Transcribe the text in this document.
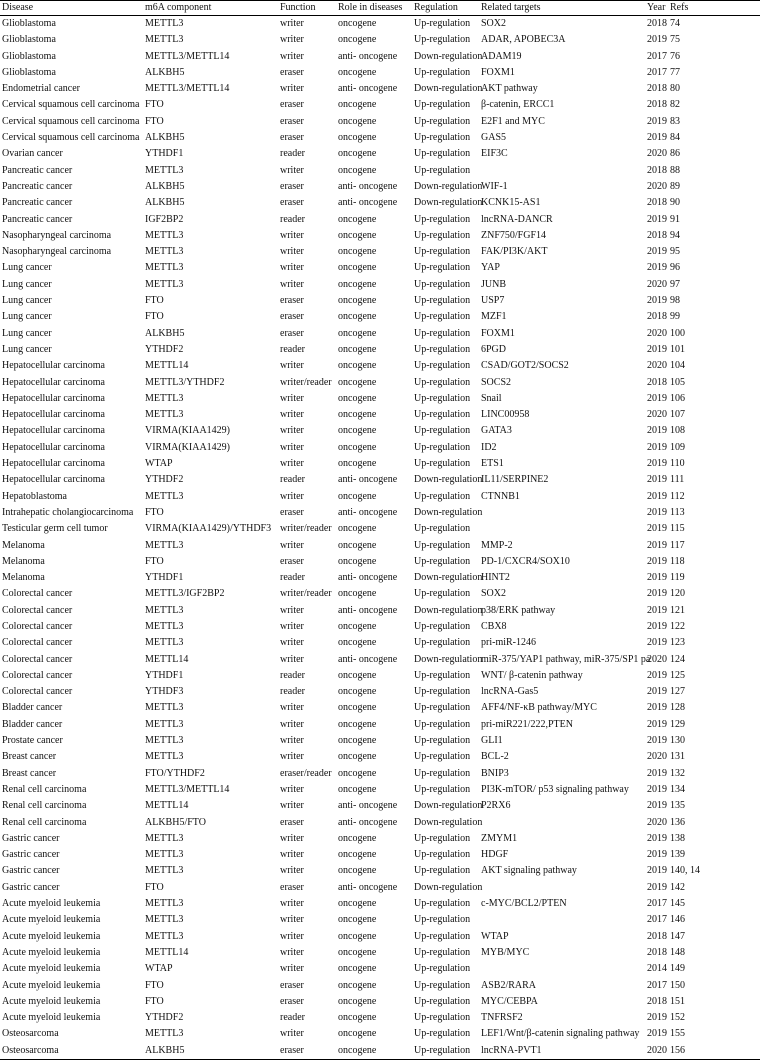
Disease	m6A component	Function	Role in diseases	Regulation	Related targets	Year	Refs
Glioblastoma	METTL3	writer	oncogene	Up-regulation	SOX2	2018	74
Glioblastoma	METTL3	writer	oncogene	Up-regulation	ADAR, APOBEC3A	2019	75
Glioblastoma	METTL3/METTL14	writer	anti- oncogene	Down-regulation	ADAM19	2017	76
Glioblastoma	ALKBH5	eraser	oncogene	Up-regulation	FOXM1	2017	77
Endometrial cancer	METTL3/METTL14	writer	anti- oncogene	Down-regulation	AKT pathway	2018	80
Cervical squamous cell carcinoma	FTO	eraser	oncogene	Up-regulation	β-catenin, ERCC1	2018	82
Cervical squamous cell carcinoma	FTO	eraser	oncogene	Up-regulation	E2F1 and MYC	2019	83
Cervical squamous cell carcinoma	ALKBH5	eraser	oncogene	Up-regulation	GAS5	2019	84
Ovarian cancer	YTHDF1	reader	oncogene	Up-regulation	EIF3C	2020	86
Pancreatic cancer	METTL3	writer	oncogene	Up-regulation		2018	88
Pancreatic cancer	ALKBH5	eraser	anti- oncogene	Down-regulation	WIF-1	2020	89
Pancreatic cancer	ALKBH5	eraser	anti- oncogene	Down-regulation	KCNK15-AS1	2018	90
Pancreatic cancer	IGF2BP2	reader	oncogene	Up-regulation	lncRNA-DANCR	2019	91
Nasopharyngeal carcinoma	METTL3	writer	oncogene	Up-regulation	ZNF750/FGF14	2018	94
Nasopharyngeal carcinoma	METTL3	writer	oncogene	Up-regulation	FAK/PI3K/AKT	2019	95
Lung cancer	METTL3	writer	oncogene	Up-regulation	YAP	2019	96
Lung cancer	METTL3	writer	oncogene	Up-regulation	JUNB	2020	97
Lung cancer	FTO	eraser	oncogene	Up-regulation	USP7	2019	98
Lung cancer	FTO	eraser	oncogene	Up-regulation	MZF1	2018	99
Lung cancer	ALKBH5	eraser	oncogene	Up-regulation	FOXM1	2020	100
Lung cancer	YTHDF2	reader	oncogene	Up-regulation	6PGD	2019	101
Hepatocellular carcinoma	METTL14	writer	oncogene	Up-regulation	CSAD/GOT2/SOCS2	2020	104
Hepatocellular carcinoma	METTL3/YTHDF2	writer/reader	oncogene	Up-regulation	SOCS2	2018	105
Hepatocellular carcinoma	METTL3	writer	oncogene	Up-regulation	Snail	2019	106
Hepatocellular carcinoma	METTL3	writer	oncogene	Up-regulation	LINC00958	2020	107
Hepatocellular carcinoma	VIRMA(KIAA1429)	writer	oncogene	Up-regulation	GATA3	2019	108
Hepatocellular carcinoma	VIRMA(KIAA1429)	writer	oncogene	Up-regulation	ID2	2019	109
Hepatocellular carcinoma	WTAP	writer	oncogene	Up-regulation	ETS1	2019	110
Hepatocellular carcinoma	YTHDF2	reader	anti- oncogene	Down-regulation	IL11/SERPINE2	2019	111
Hepatoblastoma	METTL3	writer	oncogene	Up-regulation	CTNNB1	2019	112
Intrahepatic cholangiocarcinoma	FTO	eraser	anti- oncogene	Down-regulation		2019	113
Testicular germ cell tumor	VIRMA(KIAA1429)/YTHDF3	writer/reader	oncogene	Up-regulation		2019	115
Melanoma	METTL3	writer	oncogene	Up-regulation	MMP-2	2019	117
Melanoma	FTO	eraser	oncogene	Up-regulation	PD-1/CXCR4/SOX10	2019	118
Melanoma	YTHDF1	reader	anti- oncogene	Down-regulation	HINT2	2019	119
Colorectal cancer	METTL3/IGF2BP2	writer/reader	oncogene	Up-regulation	SOX2	2019	120
Colorectal cancer	METTL3	writer	anti- oncogene	Down-regulation	p38/ERK pathway	2019	121
Colorectal cancer	METTL3	writer	oncogene	Up-regulation	CBX8	2019	122
Colorectal cancer	METTL3	writer	oncogene	Up-regulation	pri-miR-1246	2019	123
Colorectal cancer	METTL14	writer	anti- oncogene	Down-regulation	miR-375/YAP1 pathway, miR-375/SP1 pa	2020	124
Colorectal cancer	YTHDF1	reader	oncogene	Up-regulation	WNT/ β-catenin pathway	2019	125
Colorectal cancer	YTHDF3	reader	oncogene	Up-regulation	lncRNA-Gas5	2019	127
Bladder cancer	METTL3	writer	oncogene	Up-regulation	AFF4/NF-κB pathway/MYC	2019	128
Bladder cancer	METTL3	writer	oncogene	Up-regulation	pri-miR221/222,PTEN	2019	129
Prostate cancer	METTL3	writer	oncogene	Up-regulation	GLI1	2019	130
Breast cancer	METTL3	writer	oncogene	Up-regulation	BCL-2	2020	131
Breast cancer	FTO/YTHDF2	eraser/reader	oncogene	Up-regulation	BNIP3	2019	132
Renal cell carcinoma	METTL3/METTL14	writer	oncogene	Up-regulation	PI3K-mTOR/ p53 signaling pathway	2019	134
Renal cell carcinoma	METTL14	writer	anti- oncogene	Down-regulation	P2RX6	2019	135
Renal cell carcinoma	ALKBH5/FTO	eraser	anti- oncogene	Down-regulation		2020	136
Gastric cancer	METTL3	writer	oncogene	Up-regulation	ZMYM1	2019	138
Gastric cancer	METTL3	writer	oncogene	Up-regulation	HDGF	2019	139
Gastric cancer	METTL3	writer	oncogene	Up-regulation	AKT signaling pathway	2019	140, 14
Gastric cancer	FTO	eraser	anti- oncogene	Down-regulation		2019	142
Acute myeloid leukemia	METTL3	writer	oncogene	Up-regulation	c-MYC/BCL2/PTEN	2017	145
Acute myeloid leukemia	METTL3	writer	oncogene	Up-regulation		2017	146
Acute myeloid leukemia	METTL3	writer	oncogene	Up-regulation	WTAP	2018	147
Acute myeloid leukemia	METTL14	writer	oncogene	Up-regulation	MYB/MYC	2018	148
Acute myeloid leukemia	WTAP	writer	oncogene	Up-regulation		2014	149
Acute myeloid leukemia	FTO	eraser	oncogene	Up-regulation	ASB2/RARA	2017	150
Acute myeloid leukemia	FTO	eraser	oncogene	Up-regulation	MYC/CEBPA	2018	151
Acute myeloid leukemia	YTHDF2	reader	oncogene	Up-regulation	TNFRSF2	2019	152
Osteosarcoma	METTL3	writer	oncogene	Up-regulation	LEF1/Wnt/β-catenin signaling pathway	2019	155
Osteosarcoma	ALKBH5	eraser	oncogene	Up-regulation	lncRNA-PVT1	2020	156
